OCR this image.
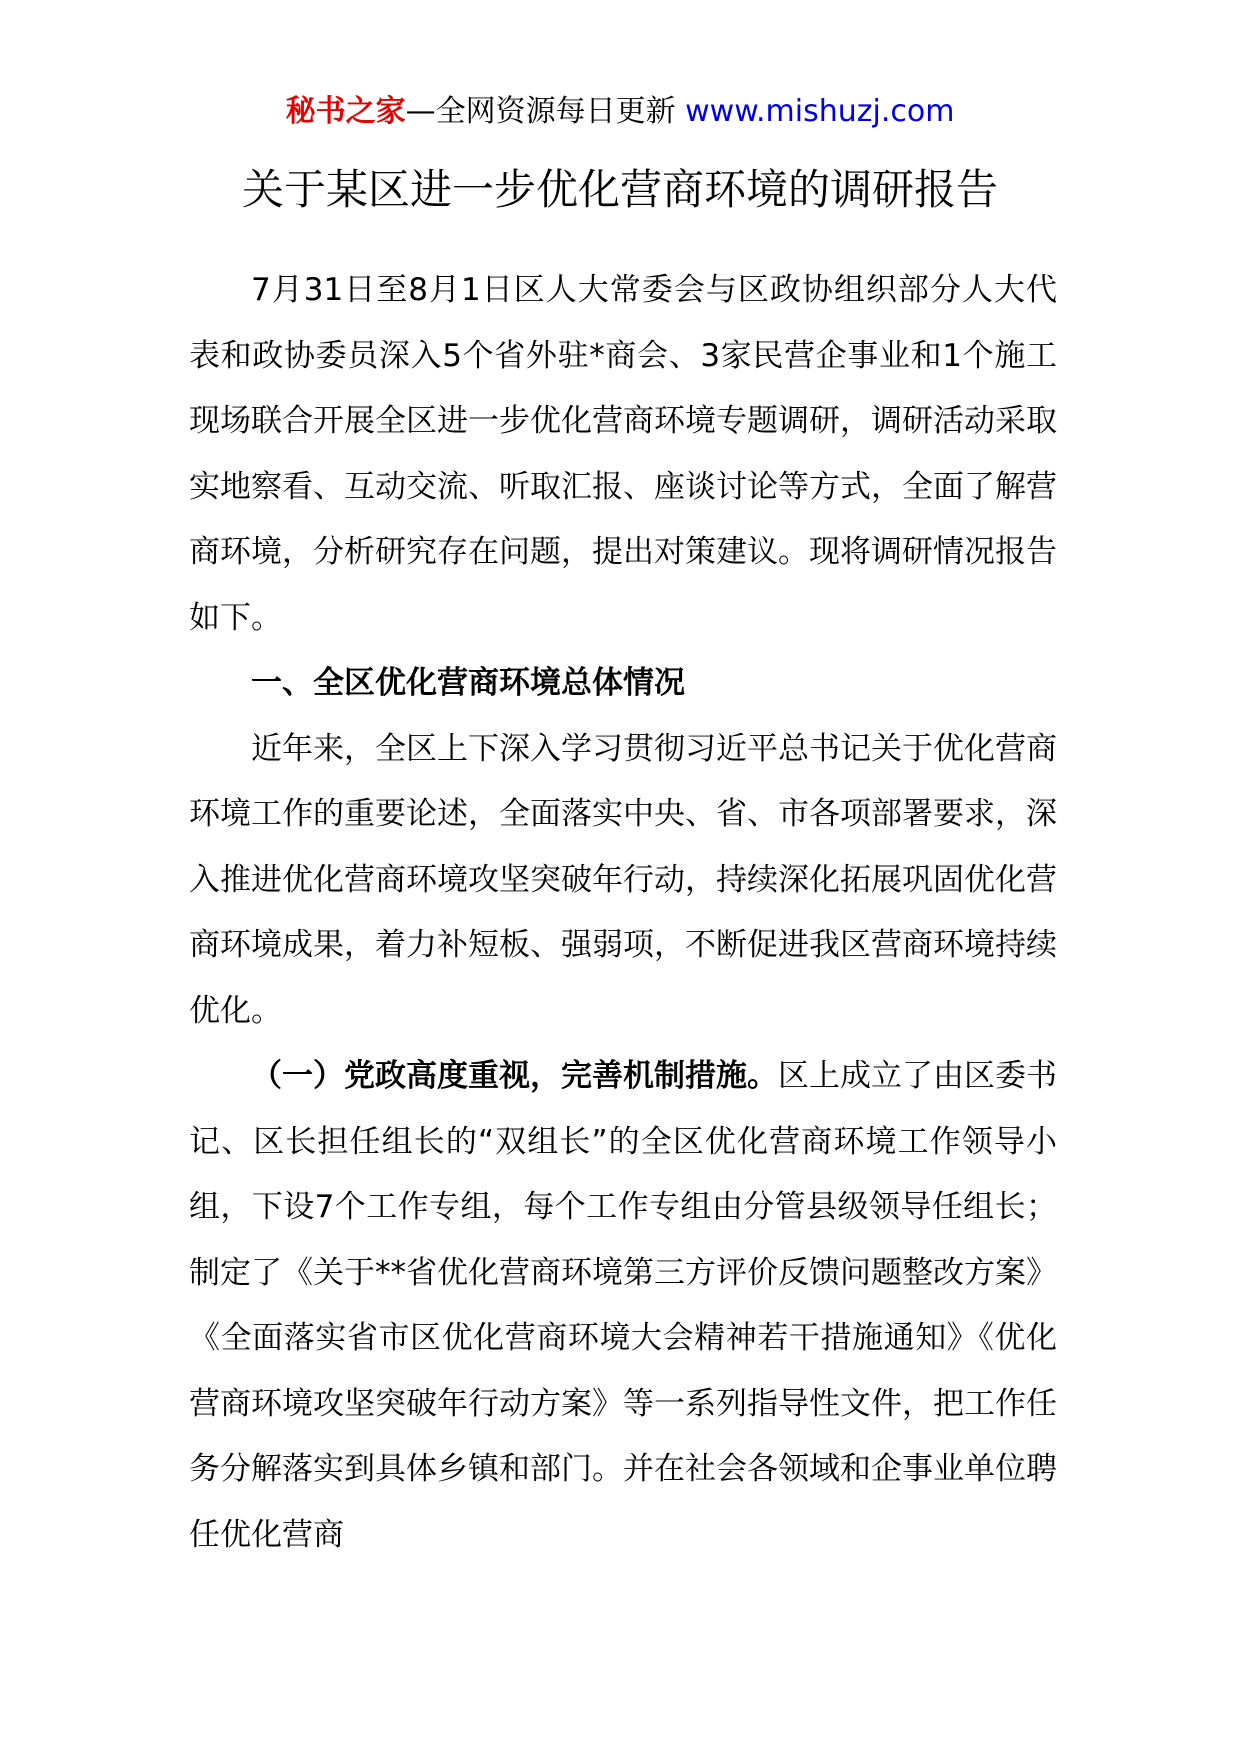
秘书之家—全网资源每日更新 www.mishuzj.com
关于某区进一步优化营商环境的调研报告

7月31日至8月1日区人大常委会与区政协组织部分人大代表和政协委员深入5个省外驻*商会、3家民营企事业和1个施工现场联合开展全区进一步优化营商环境专题调研，调研活动采取实地察看、互动交流、听取汇报、座谈讨论等方式，全面了解营商环境，分析研究存在问题，提出对策建议。现将调研情况报告如下。

一、全区优化营商环境总体情况

近年来，全区上下深入学习贯彻习近平总书记关于优化营商环境工作的重要论述，全面落实中央、省、市各项部署要求，深入推进优化营商环境攻坚突破年行动，持续深化拓展巩固优化营商环境成果，着力补短板、强弱项，不断促进我区营商环境持续优化。

（一）党政高度重视，完善机制措施。区上成立了由区委书记、区长担任组长的“双组长”的全区优化营商环境工作领导小组，下设7个工作专组，每个工作专组由分管县级领导任组长；制定了《关于**省优化营商环境第三方评价反馈问题整改方案》《全面落实省市区优化营商环境大会精神若干措施通知》《优化营商环境攻坚突破年行动方案》等一系列指导性文件，把工作任务分解落实到具体乡镇和部门。并在社会各领域和企事业单位聘任优化营商
